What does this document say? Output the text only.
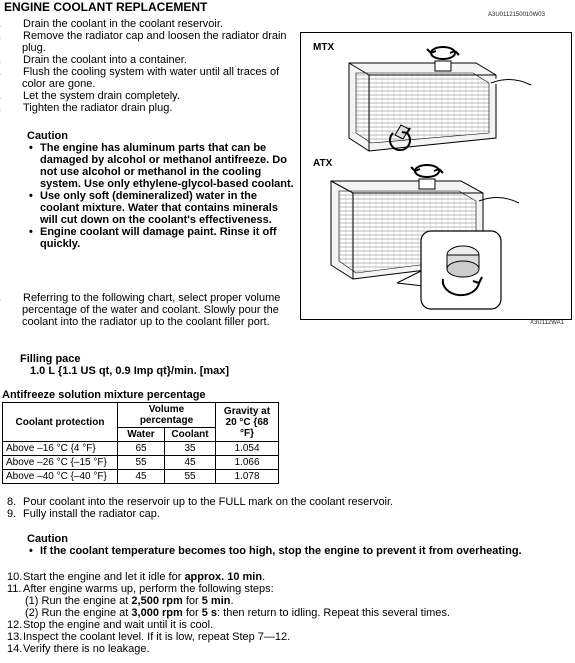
ENGINE COOLANT REPLACEMENT
A3U0112150010W03
Drain the coolant in the coolant reservoir.
Remove the radiator cap and loosen the radiator drain plug.
Drain the coolant into a container.
Flush the cooling system with water until all traces of color are gone.
Let the system drain completely.
Tighten the radiator drain plug.
Caution
• The engine has aluminum parts that can be damaged by alcohol or methanol antifreeze. Do not use alcohol or methanol in the cooling system. Use only ethylene-glycol-based coolant.
• Use only soft (demineralized) water in the coolant mixture. Water that contains minerals will cut down on the coolant's effectiveness.
• Engine coolant will damage paint. Rinse it off quickly.
Referring to the following chart, select proper volume percentage of the water and coolant. Slowly pour the coolant into the radiator up to the coolant filler port.
Filling pace
1.0 L {1.1 US qt, 0.9 Imp qt}/min. [max]
Antifreeze solution mixture percentage
Coolant protection	Volume percentage		Gravity at 20 °C {68 °F}
	Water	Coolant	
Above –16 °C {4 °F}	65	35	1.054
Above –26 °C {–15 °F}	55	45	1.066
Above –40 °C {–40 °F}	45	55	1.078
8. Pour coolant into the reservoir up to the FULL mark on the coolant reservoir.
9. Fully install the radiator cap.
Caution
• If the coolant temperature becomes too high, stop the engine to prevent it from overheating.
10.Start the engine and let it idle for approx. 10 min.
11. After engine warms up, perform the following steps:
(1) Run the engine at 2,500 rpm for 5 min.
(2) Run the engine at 3,000 rpm for 5 s: then return to idling. Repeat this several times.
12.Stop the engine and wait until it is cool.
13.Inspect the coolant level. If it is low, repeat Step 7—12.
14.Verify there is no leakage.
MTX
ATX
X3U112WA1
